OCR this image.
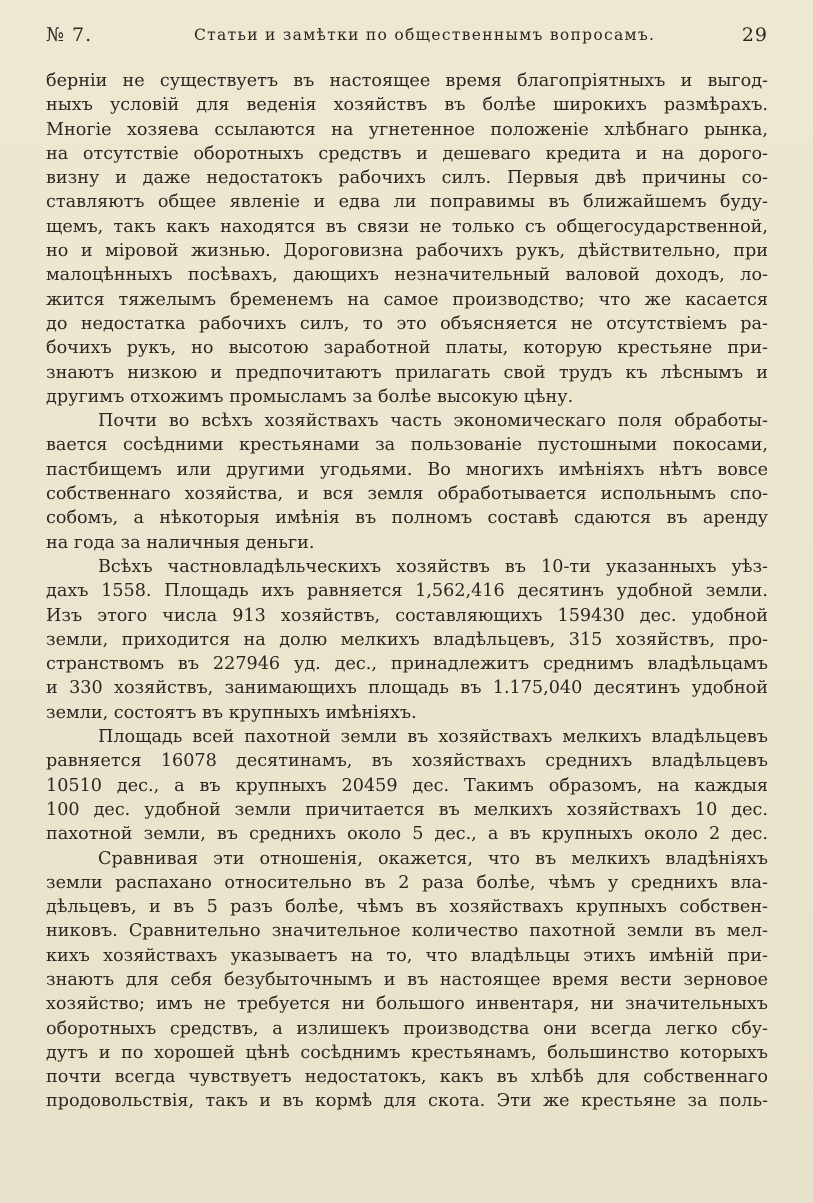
№ 7.	Статьи и замѣтки по общественнымъ вопросамъ.	29
берніи не существуетъ въ настоящее время благопріятныхъ и выгод-
ныхъ условій для веденія хозяйствъ въ болѣе широкихъ размѣрахъ.
Многіе хозяева ссылаются на угнетенное положеніе хлѣбнаго рынка,
на отсутствіе оборотныхъ средствъ и дешеваго кредита и на дорого-
визну и даже недостатокъ рабочихъ силъ. Первыя двѣ причины со-
ставляютъ общее явленіе и едва ли поправимы въ ближайшемъ буду-
щемъ, такъ какъ находятся въ связи не только съ общегосударственной,
но и міровой жизнью. Дороговизна рабочихъ рукъ, дѣйствительно, при
малоцѣнныхъ посѣвахъ, дающихъ незначительный валовой доходъ, ло-
жится тяжелымъ бременемъ на самое производство; что же касается
до недостатка рабочихъ силъ, то это объясняется не отсутствіемъ ра-
бочихъ рукъ, но высотою заработной платы, которую крестьяне при-
знаютъ низкою и предпочитаютъ прилагать свой трудъ къ лѣснымъ и
другимъ отхожимъ промысламъ за болѣе высокую цѣну.
Почти во всѣхъ хозяйствахъ часть экономическаго поля обработы-
вается сосѣдними крестьянами за пользованіе пустошными покосами,
пастбищемъ или другими угодьями. Во многихъ имѣніяхъ нѣтъ вовсе
собственнаго хозяйства, и вся земля обработывается испольнымъ спо-
собомъ, а нѣкоторыя имѣнія въ полномъ составѣ сдаются въ аренду
на года за наличныя деньги.
Всѣхъ частновладѣльческихъ хозяйствъ въ 10-ти указанныхъ уѣз-
дахъ 1558. Площадь ихъ равняется 1,562,416 десятинъ удобной земли.
Изъ этого числа 913 хозяйствъ, составляющихъ 159430 дес. удобной
земли, приходится на долю мелкихъ владѣльцевъ, 315 хозяйствъ, про-
странствомъ въ 227946 уд. дес., принадлежитъ среднимъ владѣльцамъ
и 330 хозяйствъ, занимающихъ площадь въ 1.175,040 десятинъ удобной
земли, состоятъ въ крупныхъ имѣніяхъ.
Площадь всей пахотной земли въ хозяйствахъ мелкихъ владѣльцевъ
равняется 16078 десятинамъ, въ хозяйствахъ среднихъ владѣльцевъ
10510 дес., а въ крупныхъ 20459 дес. Такимъ образомъ, на каждыя
100 дес. удобной земли причитается въ мелкихъ хозяйствахъ 10 дес.
пахотной земли, въ среднихъ около 5 дес., а въ крупныхъ около 2 дес.
Сравнивая эти отношенія, окажется, что въ мелкихъ владѣніяхъ
земли распахано относительно въ 2 раза болѣе, чѣмъ у среднихъ вла-
дѣльцевъ, и въ 5 разъ болѣе, чѣмъ въ хозяйствахъ крупныхъ собствен-
никовъ. Сравнительно значительное количество пахотной земли въ мел-
кихъ хозяйствахъ указываетъ на то, что владѣльцы этихъ имѣній при-
знаютъ для себя безубыточнымъ и въ настоящее время вести зерновое
хозяйство; имъ не требуется ни большого инвентаря, ни значительныхъ
оборотныхъ средствъ, а излишекъ производства они всегда легко сбу-
дутъ и по хорошей цѣнѣ сосѣднимъ крестьянамъ, большинство которыхъ
почти всегда чувствуетъ недостатокъ, какъ въ хлѣбѣ для собственнаго
продовольствія, такъ и въ кормѣ для скота. Эти же крестьяне за поль-
